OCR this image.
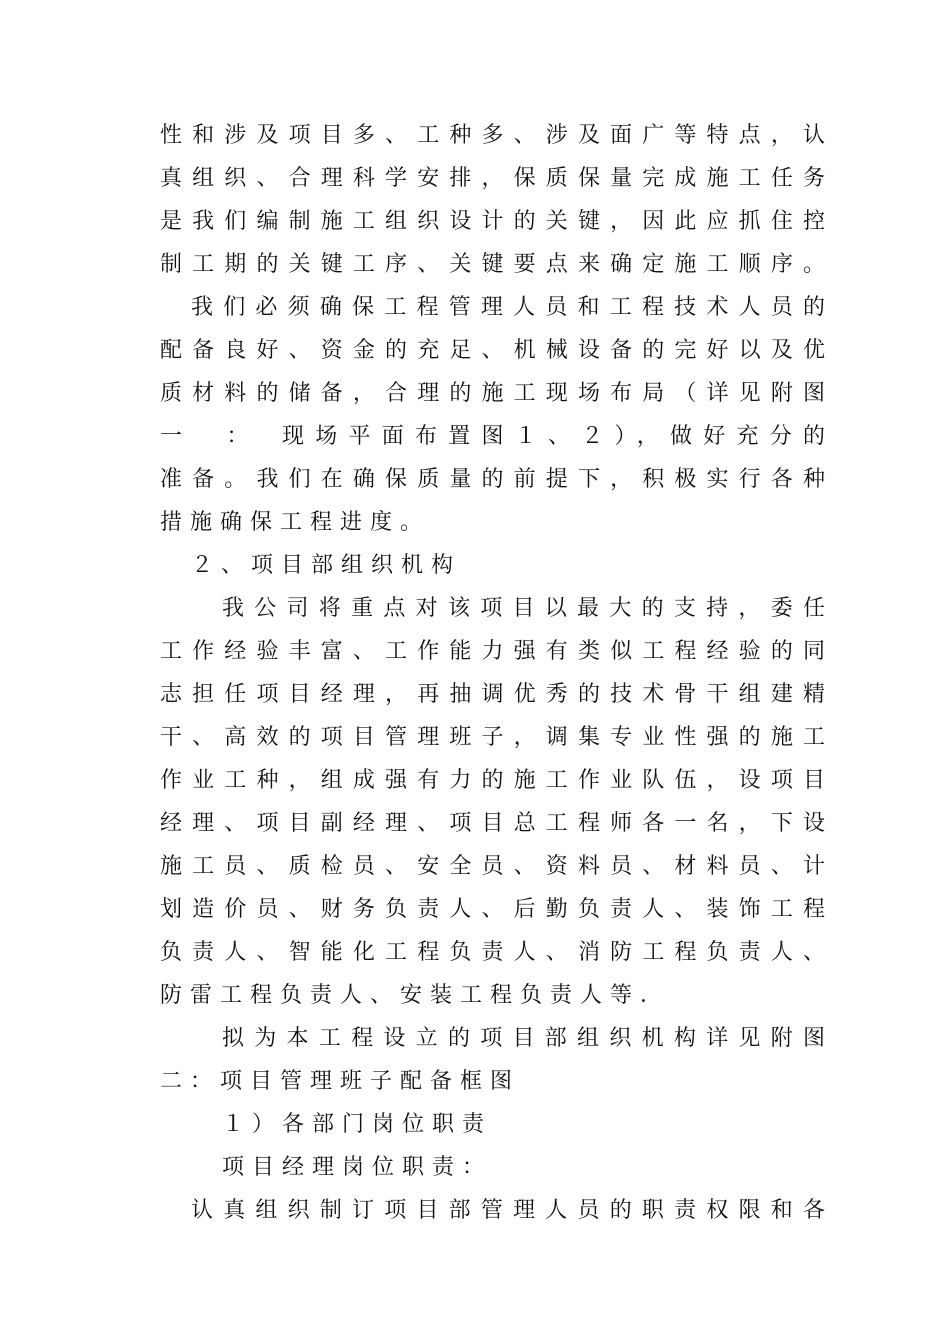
性和涉及项目多、工种多、涉及面广等特点，认
真组织、合理科学安排，保质保量完成施工任务
是我们编制施工组织设计的关键，因此应抓住控
制工期的关键工序、关键要点来确定施工顺序。
我们必须确保工程管理人员和工程技术人员的
配备良好、资金的充足、机械设备的完好以及优
质材料的储备，合理的施工现场布局（详见附图
一　：　现场平面布置图１、２），做好充分的
准备。我们在确保质量的前提下，积极实行各种
措施确保工程进度。
２、项目部组织机构
我公司将重点对该项目以最大的支持，委任
工作经验丰富、工作能力强有类似工程经验的同
志担任项目经理，再抽调优秀的技术骨干组建精
干、高效的项目管理班子，调集专业性强的施工
作业工种，组成强有力的施工作业队伍，设项目
经理、项目副经理、项目总工程师各一名，下设
施工员、质检员、安全员、资料员、材料员、计
划造价员、财务负责人、后勤负责人、装饰工程
负责人、智能化工程负责人、消防工程负责人、
防雷工程负责人、安装工程负责人等．
拟为本工程设立的项目部组织机构详见附图
二：项目管理班子配备框图
１）各部门岗位职责
项目经理岗位职责：
认真组织制订项目部管理人员的职责权限和各
